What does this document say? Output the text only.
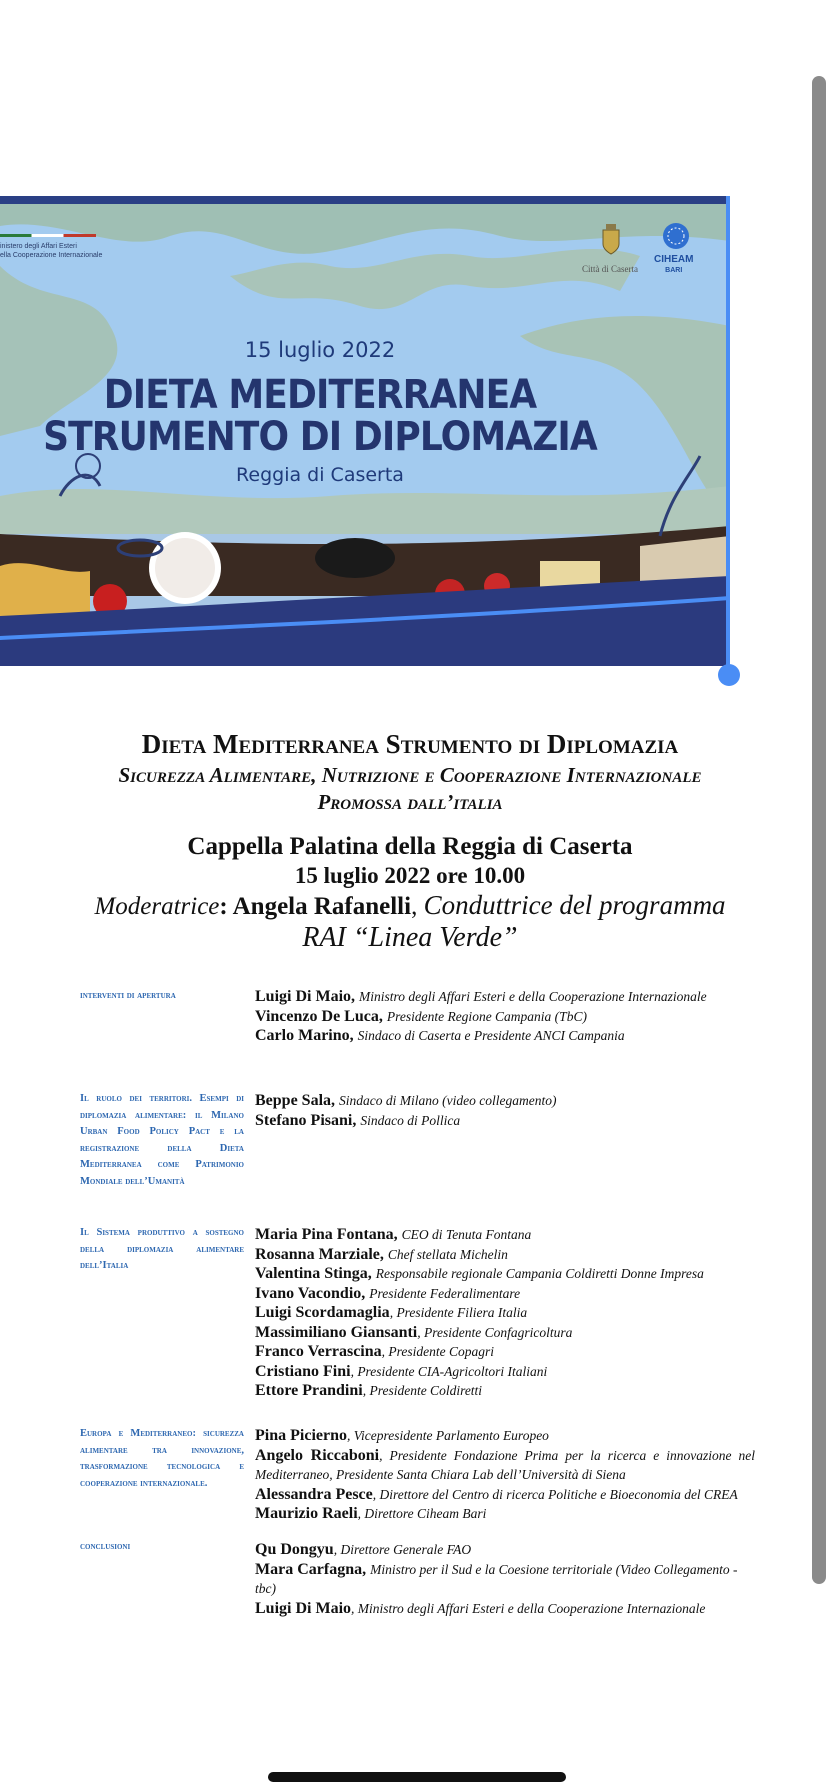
inistero degli Affari Esteri
ella Cooperazione Internazionale
Città di Caserta
CIHEAM
BARI
15 luglio 2022
DIETA MEDITERRANEA
STRUMENTO DI DIPLOMAZIA
Reggia di Caserta
Dieta Mediterranea Strumento di Diplomazia
Sicurezza Alimentare, Nutrizione e Cooperazione Internazionale
Promossa dall’italia
Cappella Palatina della Reggia di Caserta
15 luglio 2022 ore 10.00
Moderatrice: Angela Rafanelli, Conduttrice del programma
RAI “Linea Verde”
interventi di apertura	Luigi Di Maio, Ministro degli Affari Esteri e della Cooperazione Internazionale
Vincenzo De Luca, Presidente Regione Campania (TbC)
Carlo Marino, Sindaco di Caserta e Presidente ANCI Campania
Il ruolo dei territori. Esempi di diplomazia alimentare: il Milano Urban Food Policy Pact e la registrazione della Dieta Mediterranea come Patrimonio Mondiale dell’Umanità
Beppe Sala, Sindaco di Milano (video collegamento)
Stefano Pisani, Sindaco di Pollica
Il Sistema produttivo a sostegno della diplomazia alimentare dell’Italia
Maria Pina Fontana, CEO di Tenuta Fontana
Rosanna Marziale, Chef stellata Michelin
Valentina Stinga, Responsabile regionale Campania Coldiretti Donne Impresa
Ivano Vacondio, Presidente Federalimentare
Luigi Scordamaglia, Presidente Filiera Italia
Massimiliano Giansanti, Presidente Confagricoltura
Franco Verrascina, Presidente Copagri
Cristiano Fini, Presidente CIA-Agricoltori Italiani
Ettore Prandini, Presidente Coldiretti
Europa e Mediterraneo: sicurezza alimentare tra innovazione, trasformazione tecnologica e cooperazione internazionale.
Pina Picierno, Vicepresidente Parlamento Europeo
Angelo Riccaboni, Presidente Fondazione Prima per la ricerca e innovazione nel Mediterraneo, Presidente Santa Chiara Lab dell’Università di Siena
Alessandra Pesce, Direttore del Centro di ricerca Politiche e Bioeconomia del CREA
Maurizio Raeli, Direttore Ciheam Bari
conclusioni	Qu Dongyu, Direttore Generale FAO
Mara Carfagna, Ministro per il Sud e la Coesione territoriale (Video Collegamento - tbc)
Luigi Di Maio, Ministro degli Affari Esteri e della Cooperazione Internazionale
